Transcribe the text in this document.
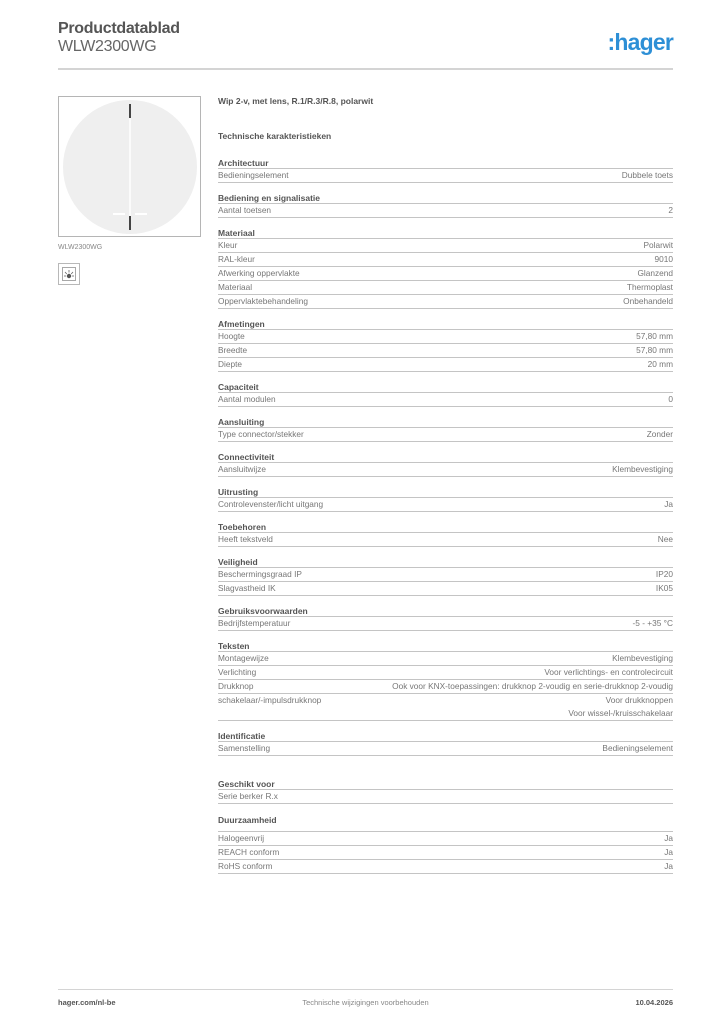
Productdatablad
WLW2300WG	:hager
WLW2300WG
Wip 2-v, met lens, R.1/R.3/R.8, polarwit
Technische karakteristieken
Architectuur
Bedieningselement	Dubbele toets
Bediening en signalisatie
Aantal toetsen	2
Materiaal
Kleur	Polarwit
RAL-kleur	9010
Afwerking oppervlakte	Glanzend
Materiaal	Thermoplast
Oppervlaktebehandeling	Onbehandeld
Afmetingen
Hoogte	57,80 mm
Breedte	57,80 mm
Diepte	20 mm
Capaciteit
Aantal modulen	0
Aansluiting
Type connector/stekker	Zonder
Connectiviteit
Aansluitwijze	Klembevestiging
Uitrusting
Controlevenster/licht uitgang	Ja
Toebehoren
Heeft tekstveld	Nee
Veiligheid
Beschermingsgraad IP	IP20
Slagvastheid IK	IK05
Gebruiksvoorwaarden
Bedrijfstemperatuur	-5 - +35 °C
Teksten
Montagewijze	Klembevestiging
Verlichting	Voor verlichtings- en controlecircuit
Drukknop	Ook voor KNX-toepassingen: drukknop 2-voudig en serie-drukknop 2-voudig
schakelaar/-impulsdrukknop	Voor drukknoppen
Voor wissel-/kruisschakelaar
Identificatie
Samenstelling	Bedieningselement
Geschikt voor
Serie berker R.x
Duurzaamheid
Halogeenvrij	Ja
REACH conform	Ja
RoHS conform	Ja
Technische wijzigingen voorbehouden
hager.com/nl-be	10.04.2026
